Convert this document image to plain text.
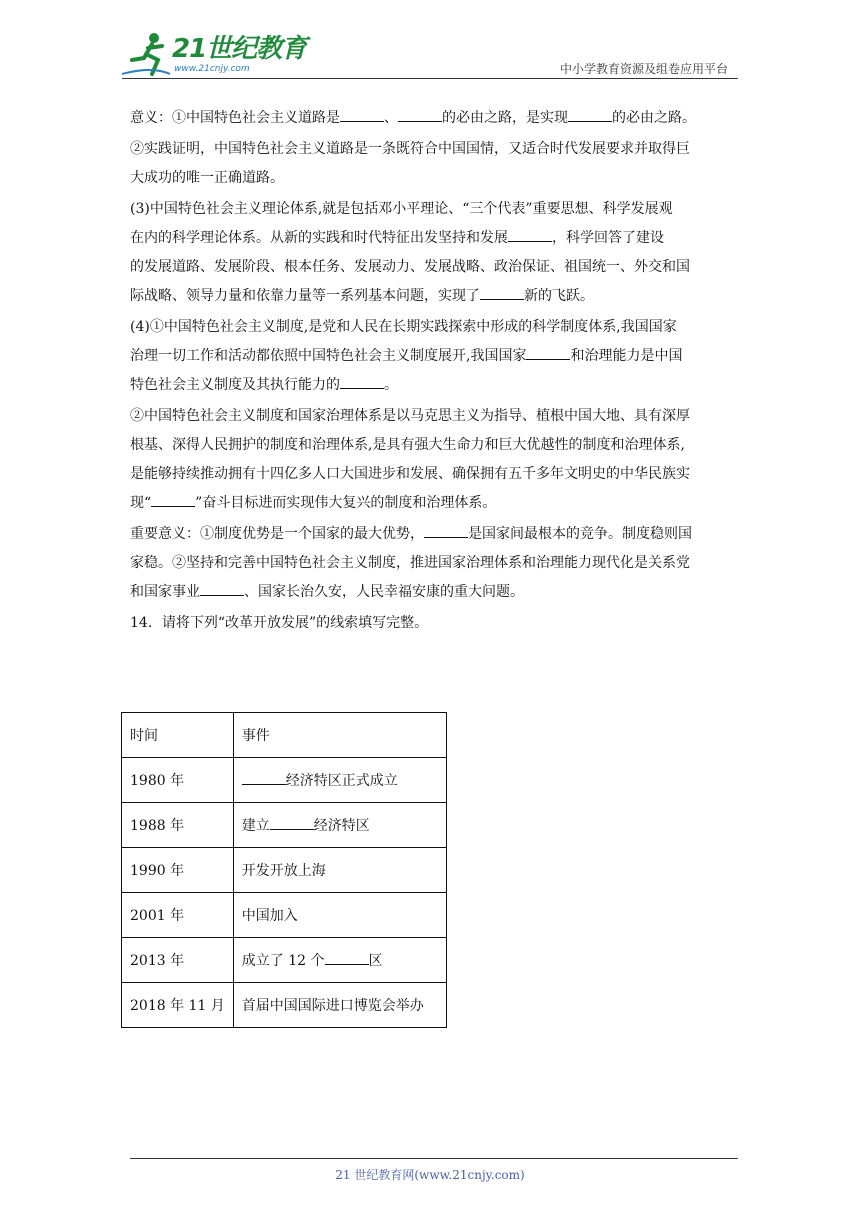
21世纪教育
www.21cnjy.com	中小学教育资源及组卷应用平台
意义：①中国特色社会主义道路是	、	的必由之路，是实现	的必由之路。
②实践证明，中国特色社会主义道路是一条既符合中国国情，又适合时代发展要求并取得巨
大成功的唯一正确道路。
(3)中国特色社会主义理论体系,就是包括邓小平理论、“三个代表”重要思想、科学发展观
在内的科学理论体系。从新的实践和时代特征出发坚持和发展	，科学回答了建设
的发展道路、发展阶段、根本任务、发展动力、发展战略、政治保证、祖国统一、外交和国
际战略、领导力量和依靠力量等一系列基本问题，实现了	新的飞跃。
(4)①中国特色社会主义制度,是党和人民在长期实践探索中形成的科学制度体系,我国国家
治理一切工作和活动都依照中国特色社会主义制度展开,我国国家	和治理能力是中国
特色社会主义制度及其执行能力的	。
②中国特色社会主义制度和国家治理体系是以马克思主义为指导、植根中国大地、具有深厚
根基、深得人民拥护的制度和治理体系,是具有强大生命力和巨大优越性的制度和治理体系,
是能够持续推动拥有十四亿多人口大国进步和发展、确保拥有五千多年文明史的中华民族实
现“	”奋斗目标进而实现伟大复兴的制度和治理体系。
重要意义：①制度优势是一个国家的最大优势，	是国家间最根本的竞争。制度稳则国
家稳。②坚持和完善中国特色社会主义制度，推进国家治理体系和治理能力现代化是关系党
和国家事业	、国家长治久安，人民幸福安康的重大问题。
14．请将下列“改革开放发展”的线索填写完整。
时间	事件
1980 年	经济特区正式成立
1988 年	建立 经济特区
1990 年	开发开放上海
2001 年	中国加入
2013 年	成立了 12 个 区
2018 年 11 月	首届中国国际进口博览会举办
21 世纪教育网(www.21cnjy.com)
